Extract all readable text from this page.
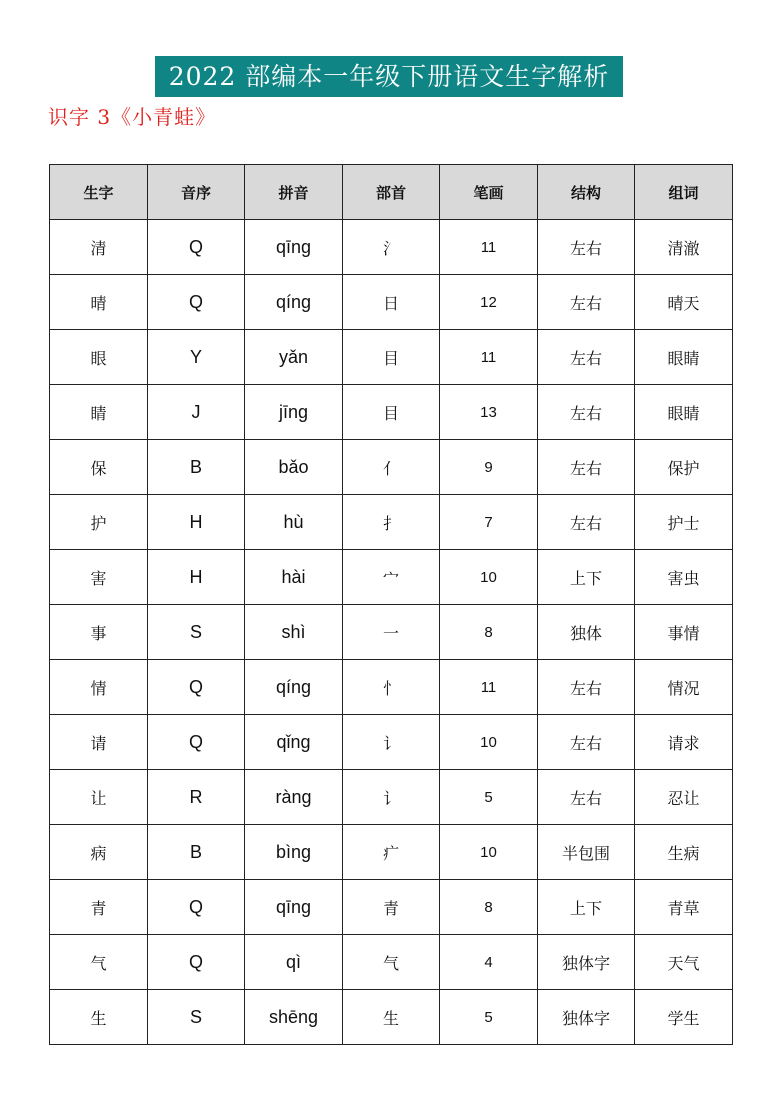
2022 部编本一年级下册语文生字解析
识字 3《小青蛙》
生字	音序	拼音	部首	笔画	结构	组词
清	Q	qīng	氵	11	左右	清澈
晴	Q	qíng	日	12	左右	晴天
眼	Y	yǎn	目	11	左右	眼睛
睛	J	jīng	目	13	左右	眼睛
保	B	bǎo	亻	9	左右	保护
护	H	hù	扌	7	左右	护士
害	H	hài	宀	10	上下	害虫
事	S	shì	一	8	独体	事情
情	Q	qíng	忄	11	左右	情况
请	Q	qǐng	讠	10	左右	请求
让	R	ràng	讠	5	左右	忍让
病	B	bìng	疒	10	半包围	生病
青	Q	qīng	青	8	上下	青草
气	Q	qì	气	4	独体字	天气
生	S	shēng	生	5	独体字	学生
